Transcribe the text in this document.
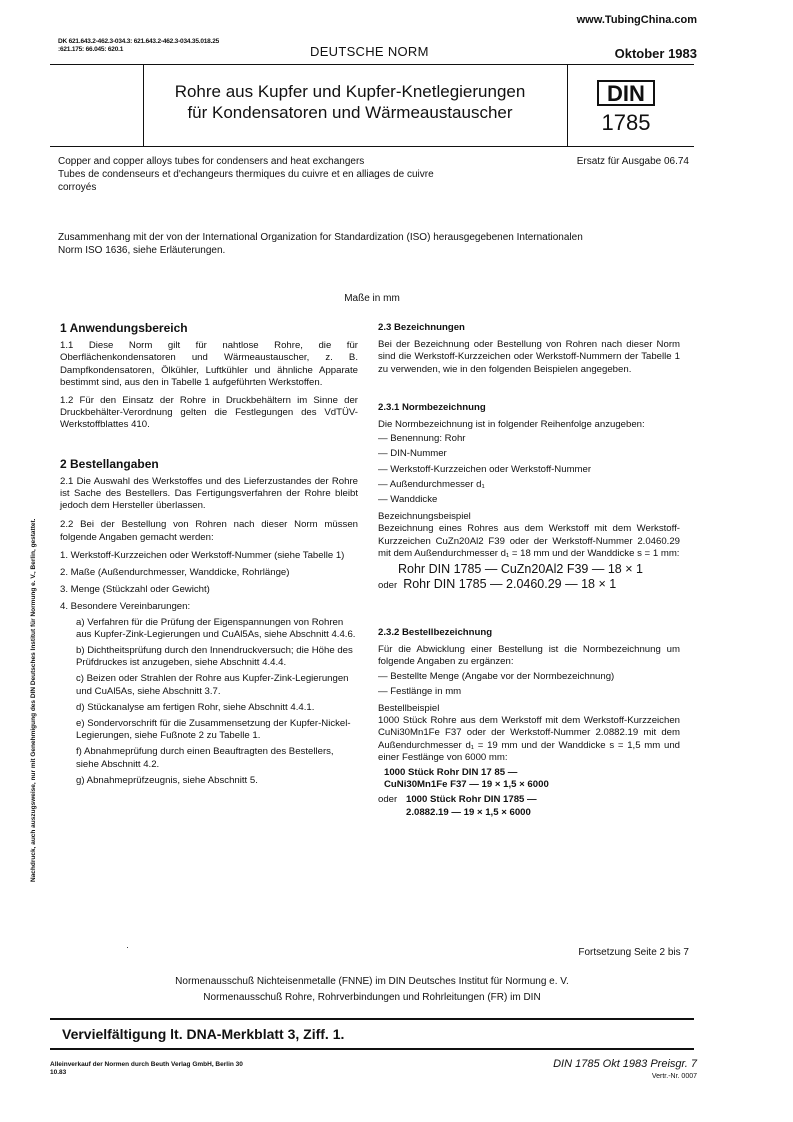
www.TubingChina.com
DK 621.643.2-462.3-034.3: 621.643.2-462.3-034.35.018.25
:621.175: 66.045: 620.1	DEUTSCHE NORM	Oktober 1983
Rohre aus Kupfer und Kupfer-Knetlegierungen
für Kondensatoren und Wärmeaustauscher
DIN
1785
Copper and copper alloys tubes for condensers and heat exchangers
Tubes de condenseurs et d'echangeurs thermiques du cuivre et en alliages de cuivre
corroyés
Ersatz für Ausgabe 06.74
Zusammenhang mit der von der International Organization for Standardization (ISO) herausgegebenen Internationalen
Norm ISO 1636, siehe Erläuterungen.
Maße in mm
Nachdruck, auch auszugsweise, nur mit Genehmigung des DIN Deutsches Institut für Normung e. V., Berlin, gestattet.
1 Anwendungsbereich
1.1 Diese Norm gilt für nahtlose Rohre, die für Oberflächenkondensatoren und Wärmeaustauscher, z. B. Dampfkondensatoren, Ölkühler, Luftkühler und ähnliche Apparate bestimmt sind, aus den in Tabelle 1 aufgeführten Werkstoffen.
1.2 Für den Einsatz der Rohre in Druckbehältern im Sinne der Druckbehälter-Verordnung gelten die Festlegungen des VdTÜV-Werkstoffblattes 410.
2 Bestellangaben
2.1 Die Auswahl des Werkstoffes und des Lieferzustandes der Rohre ist Sache des Bestellers. Das Fertigungsverfahren der Rohre bleibt jedoch dem Hersteller überlassen.
2.2 Bei der Bestellung von Rohren nach dieser Norm müssen folgende Angaben gemacht werden:
1. Werkstoff-Kurzzeichen oder Werkstoff-Nummer (siehe Tabelle 1)
2. Maße (Außendurchmesser, Wanddicke, Rohrlänge)
3. Menge (Stückzahl oder Gewicht)
4. Besondere Vereinbarungen:
a) Verfahren für die Prüfung der Eigenspannungen von Rohren aus Kupfer-Zink-Legierungen und CuAl5As, siehe Abschnitt 4.4.6.
b) Dichtheitsprüfung durch den Innendruckversuch; die Höhe des Prüfdruckes ist anzugeben, siehe Abschnitt 4.4.4.
c) Beizen oder Strahlen der Rohre aus Kupfer-Zink-Legierungen und CuAl5As, siehe Abschnitt 3.7.
d) Stückanalyse am fertigen Rohr, siehe Abschnitt 4.4.1.
e) Sondervorschrift für die Zusammensetzung der Kupfer-Nickel-Legierungen, siehe Fußnote 2 zu Tabelle 1.
f) Abnahmeprüfung durch einen Beauftragten des Bestellers, siehe Abschnitt 4.2.
g) Abnahmeprüfzeugnis, siehe Abschnitt 5.
2.3 Bezeichnungen
Bei der Bezeichnung oder Bestellung von Rohren nach dieser Norm sind die Werkstoff-Kurzzeichen oder Werkstoff-Nummern der Tabelle 1 zu verwenden, wie in den folgenden Beispielen angegeben.
2.3.1 Normbezeichnung
Die Normbezeichnung ist in folgender Reihenfolge anzugeben:
— Benennung: Rohr
— DIN-Nummer
— Werkstoff-Kurzzeichen oder Werkstoff-Nummer
— Außendurchmesser d₁
— Wanddicke
Bezeichnungsbeispiel
Bezeichnung eines Rohres aus dem Werkstoff mit dem Werkstoff-Kurzzeichen CuZn20Al2 F39 oder der Werkstoff-Nummer 2.0460.29 mit dem Außendurchmesser d₁ = 18 mm und der Wanddicke s = 1 mm:
Rohr DIN 1785 — CuZn20Al2 F39 — 18 × 1
oder Rohr DIN 1785 — 2.0460.29 — 18 × 1
2.3.2 Bestellbezeichnung
Für die Abwicklung einer Bestellung ist die Normbezeichnung um folgende Angaben zu ergänzen:
— Bestellte Menge (Angabe vor der Normbezeichnung)
— Festlänge in mm
Bestellbeispiel
1000 Stück Rohre aus dem Werkstoff mit dem Werkstoff-Kurzzeichen CuNi30Mn1Fe F37 oder der Werkstoff-Nummer 2.0882.19 mit dem Außendurchmesser d₁ = 19 mm und der Wanddicke s = 1,5 mm und einer Festlänge von 6000 mm:
1000 Stück Rohr DIN 17 85 —
CuNi30Mn1Fe F37 — 19 × 1,5 × 6000
oder 1000 Stück Rohr DIN 1785 —
2.0882.19 — 19 × 1,5 × 6000
·	Fortsetzung Seite 2 bis 7
Normenausschuß Nichteisenmetalle (FNNE) im DIN Deutsches Institut für Normung e. V.
Normenausschuß Rohre, Rohrverbindungen und Rohrleitungen (FR) im DIN
Vervielfältigung lt. DNA-Merkblatt 3, Ziff. 1.
Alleinverkauf der Normen durch Beuth Verlag GmbH, Berlin 30
10.83
DIN 1785 Okt 1983 Preisgr. 7
Vertr.-Nr. 0007
